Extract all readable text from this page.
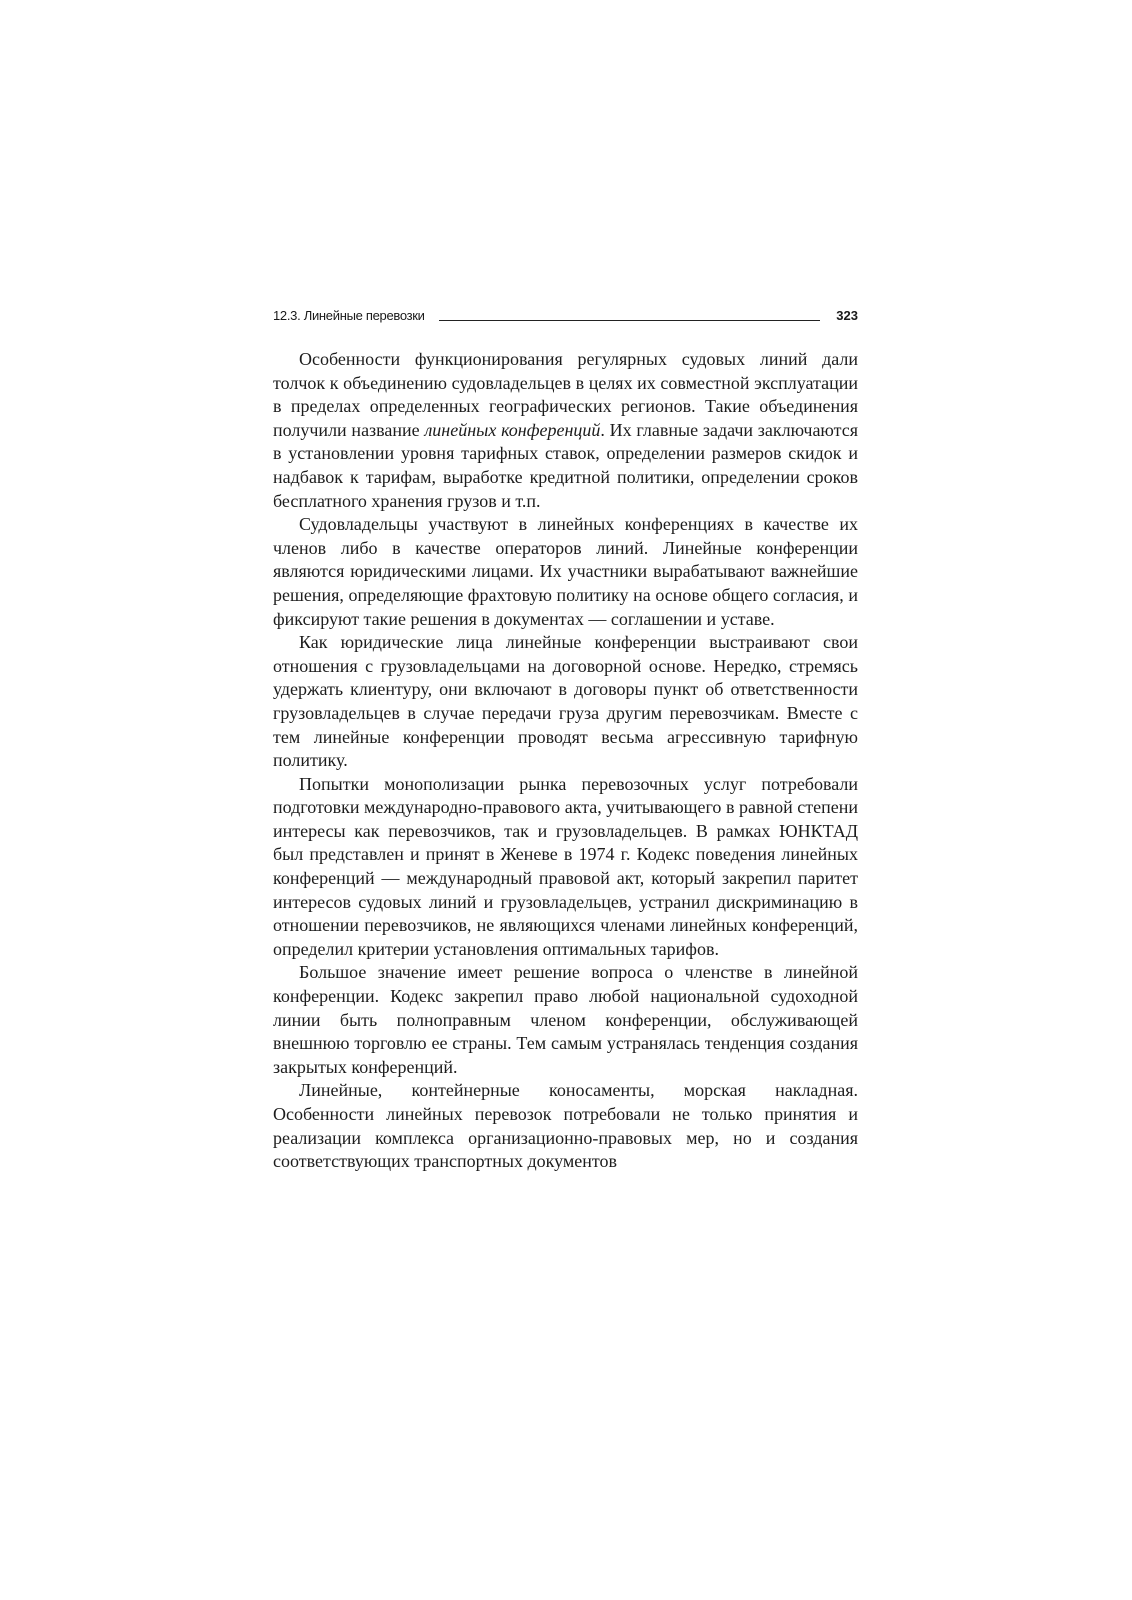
12.3. Линейные перевозки	323

Особенности функционирования регулярных судовых линий дали толчок к объединению судовладельцев в целях их совместной эксплуатации в пределах определенных географических регионов. Такие объединения получили название линейных конференций. Их главные задачи заключаются в установлении уровня тарифных ставок, определении размеров скидок и надбавок к тарифам, выработке кредитной политики, определении сроков бесплатного хранения грузов и т.п.

Судовладельцы участвуют в линейных конференциях в качестве их членов либо в качестве операторов линий. Линейные конференции являются юридическими лицами. Их участники вырабатывают важнейшие решения, определяющие фрахтовую политику на основе общего согласия, и фиксируют такие решения в документах — соглашении и уставе.

Как юридические лица линейные конференции выстраивают свои отношения с грузовладельцами на договорной основе. Нередко, стремясь удержать клиентуру, они включают в договоры пункт об ответственности грузовладельцев в случае передачи груза другим перевозчикам. Вместе с тем линейные конференции проводят весьма агрессивную тарифную политику.

Попытки монополизации рынка перевозочных услуг потребовали подготовки международно-правового акта, учитывающего в равной степени интересы как перевозчиков, так и грузовладельцев. В рамках ЮНКТАД был представлен и принят в Женеве в 1974 г. Кодекс поведения линейных конференций — международный правовой акт, который закрепил паритет интересов судовых линий и грузовладельцев, устранил дискриминацию в отношении перевозчиков, не являющихся членами линейных конференций, определил критерии установления оптимальных тарифов.

Большое значение имеет решение вопроса о членстве в линейной конференции. Кодекс закрепил право любой национальной судоходной линии быть полноправным членом конференции, обслуживающей внешнюю торговлю ее страны. Тем самым устранялась тенденция создания закрытых конференций.

Линейные, контейнерные коносаменты, морская накладная. Особенности линейных перевозок потребовали не только принятия и реализации комплекса организационно-правовых мер, но и создания соответствующих транспортных документов
